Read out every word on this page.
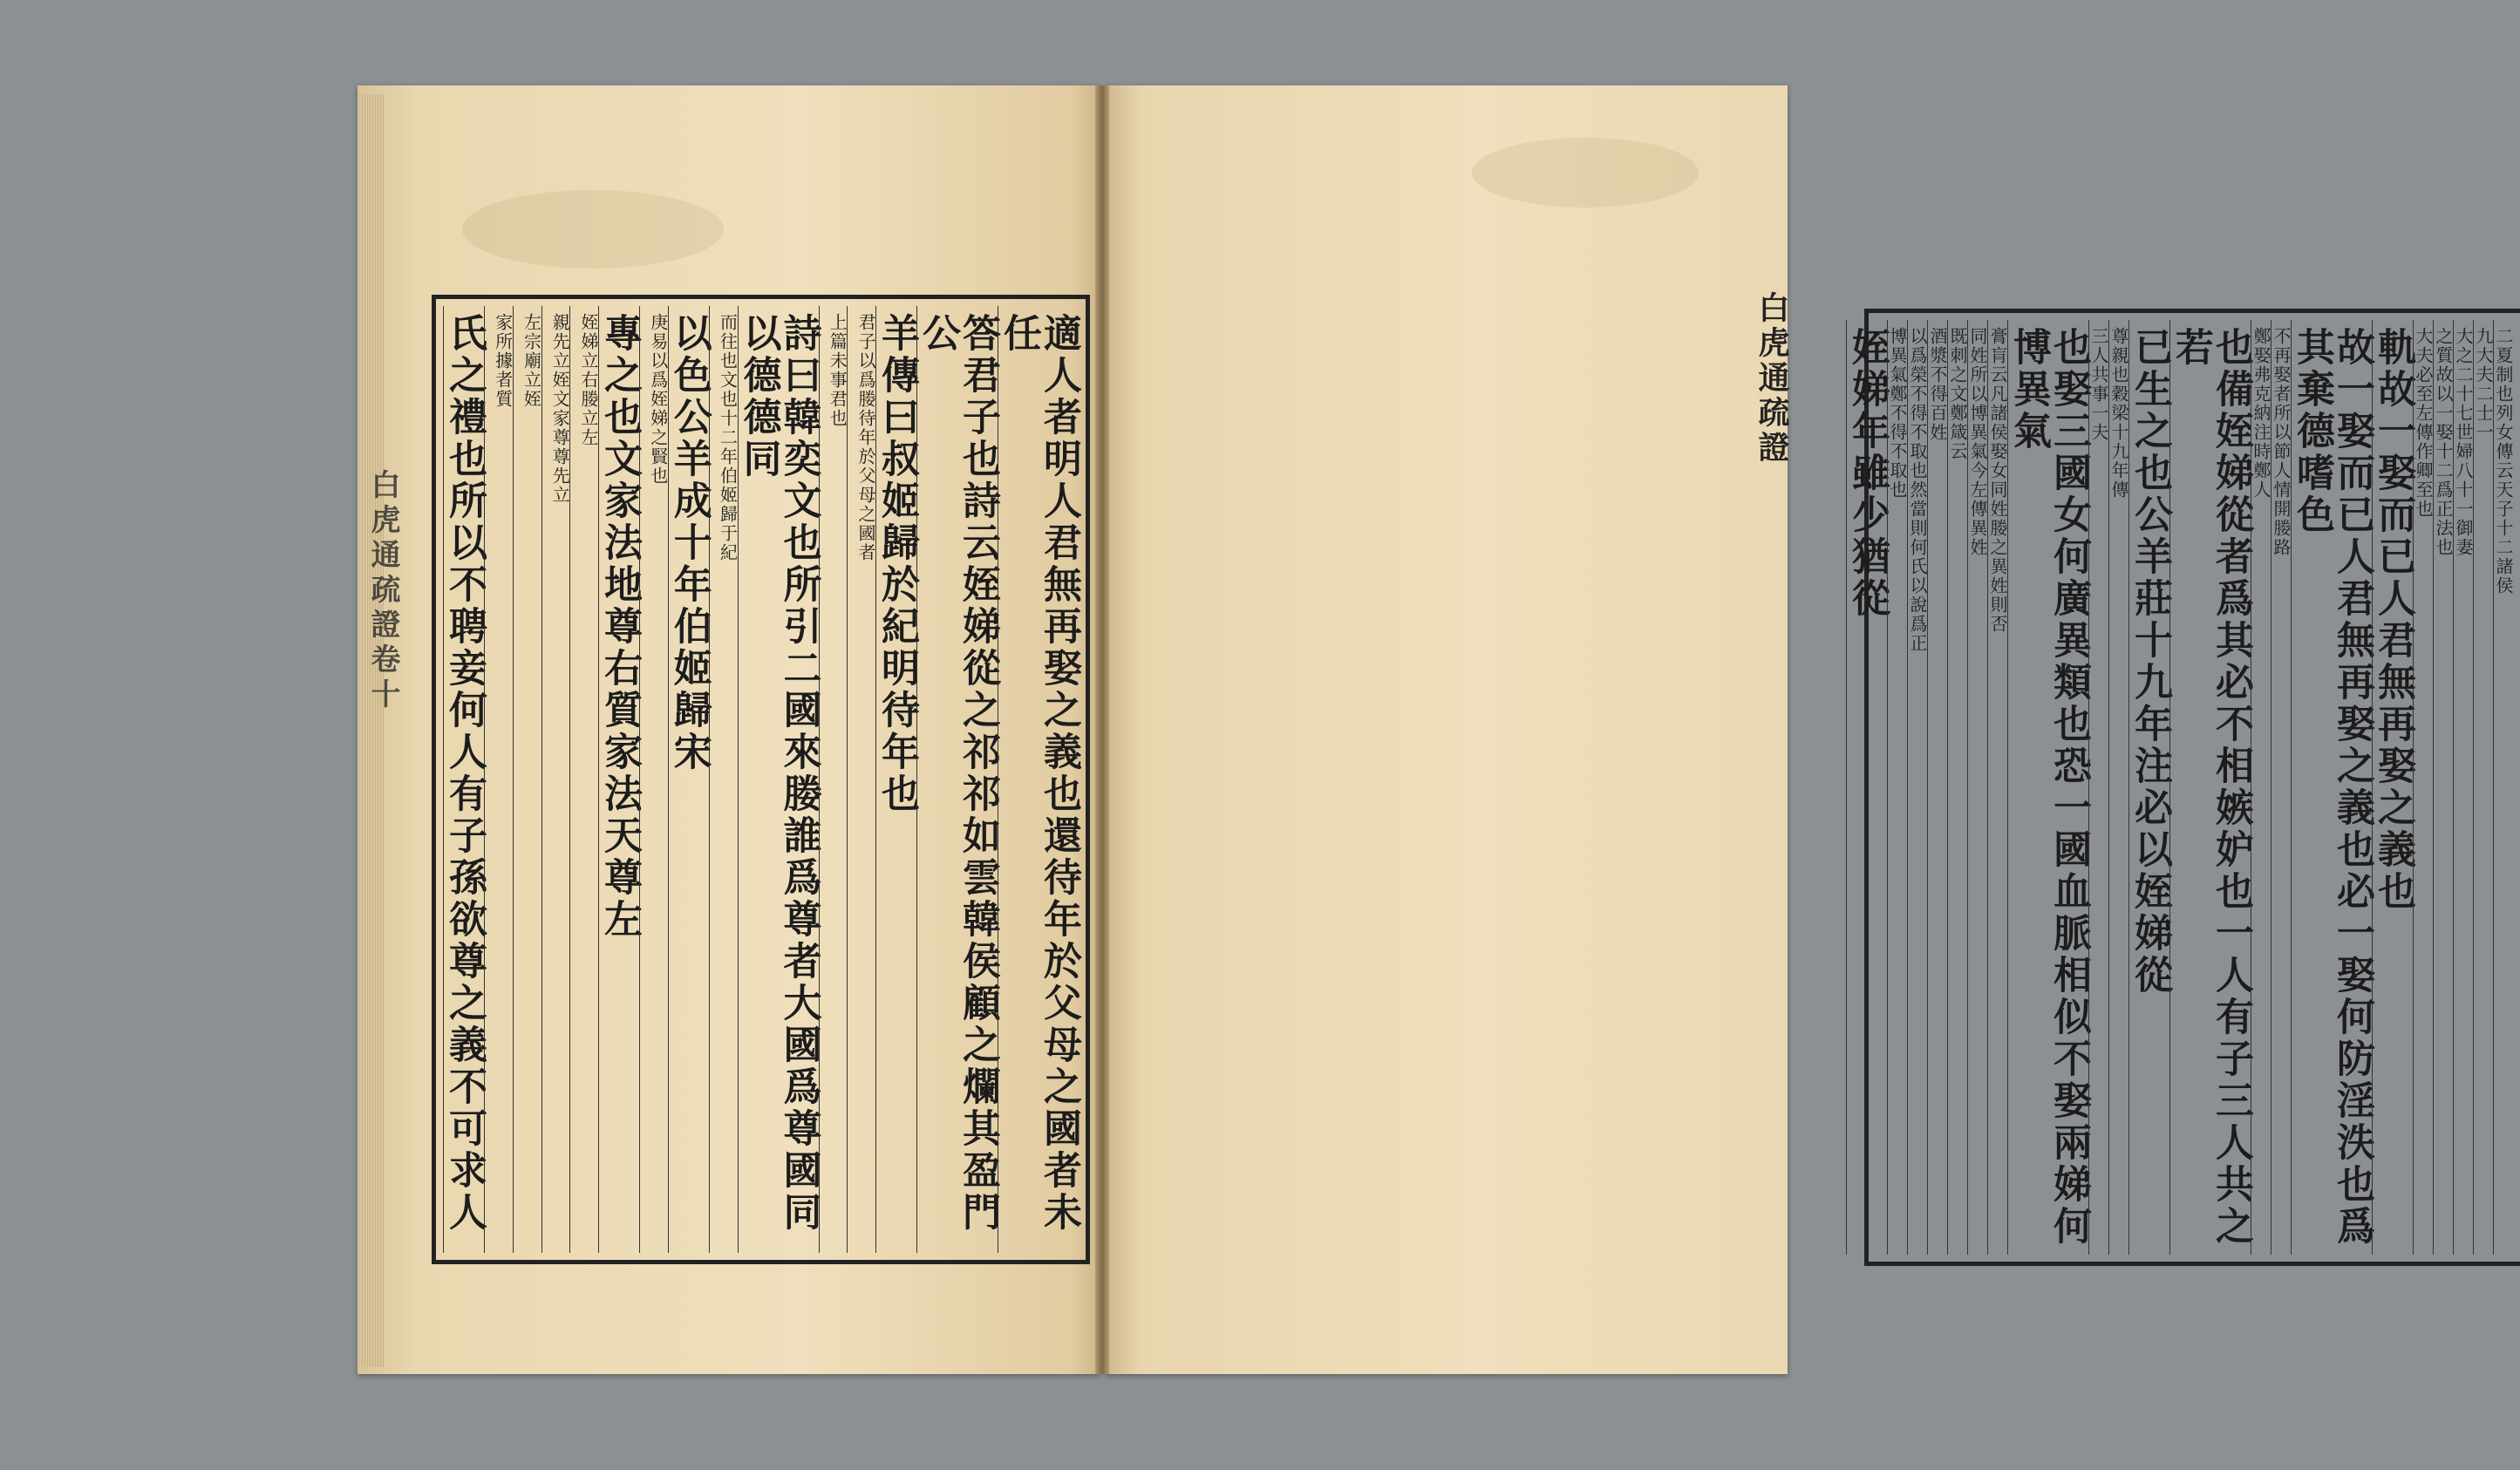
白虎通疏證卷十	適人者明人君無再娶之義也還待年於父母之國者未任
答君子也詩云姪娣從之祁祁如雲韓侯顧之爛其盈門公
羊傳曰叔姬歸於紀明待年也
君子以爲媵待年於父母之國者
上篇未事君也
詩曰韓奕文也所引二國來媵誰爲尊者大國爲尊國同以德德同
而往也文也十二年伯姬歸于紀
以色公羊成十年伯姬歸宋
庚易以爲姪娣之賢也
專之也文家法地尊右質家法天尊左
姪娣立右媵立左
親先立姪文家尊尊先立
左宗廟立姪
家所據者質
氏之禮也所以不聘妾何人有子孫欲尊之義不可求人	二夏制也列女傳云天子十二諸侯
九大夫二士一
大之二十七世婦八十一御妻
之質故以一娶十二爲正法也
大夫必至左傳作卿至也
軌故一娶而已人君無再娶之義也
故一娶而已人君無再娶之義也必一娶何防淫泆也爲其棄德嗜色
不再娶者所以節人情開媵路
鄭娶弗克納注時鄭人
也備姪娣從者爲其必不相嫉妒也一人有子三人共之若
已生之也公羊莊十九年注必以姪娣從
尊親也穀梁十九年傳
三人共事一夫
也娶三國女何廣異類也恐一國血脈相似不娶兩娣何博異氣
膏肓云凡諸侯娶女同姓媵之異姓則否
同姓所以博異氣今左傳異姓
既刺之文鄭箴云
酒漿不得百姓
以爲榮不得不取也然當則何氏以說爲正
博異氣鄭不得不取也
姪娣年雖少猶從
白虎通疏證
